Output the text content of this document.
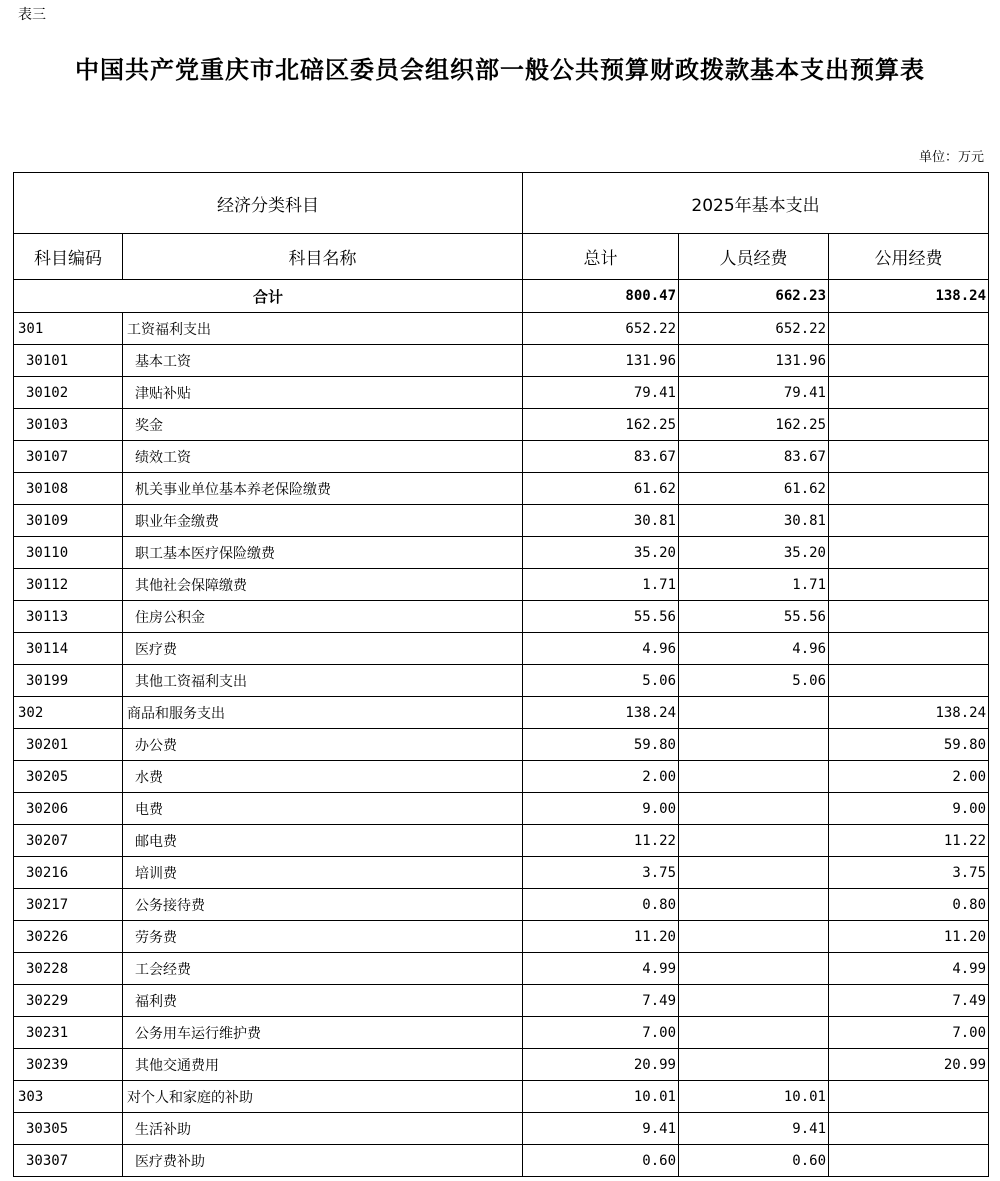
表三
中国共产党重庆市北碚区委员会组织部一般公共预算财政拨款基本支出预算表
单位：万元
经济分类科目		2025年基本支出		
科目编码	科目名称	总计	人员经费	公用经费
合计		800.47	662.23	138.24
301	工资福利支出	652.22	652.22	
30101	基本工资	131.96	131.96	
30102	津贴补贴	79.41	79.41	
30103	奖金	162.25	162.25	
30107	绩效工资	83.67	83.67	
30108	机关事业单位基本养老保险缴费	61.62	61.62	
30109	职业年金缴费	30.81	30.81	
30110	职工基本医疗保险缴费	35.20	35.20	
30112	其他社会保障缴费	1.71	1.71	
30113	住房公积金	55.56	55.56	
30114	医疗费	4.96	4.96	
30199	其他工资福利支出	5.06	5.06	
302	商品和服务支出	138.24		138.24
30201	办公费	59.80		59.80
30205	水费	2.00		2.00
30206	电费	9.00		9.00
30207	邮电费	11.22		11.22
30216	培训费	3.75		3.75
30217	公务接待费	0.80		0.80
30226	劳务费	11.20		11.20
30228	工会经费	4.99		4.99
30229	福利费	7.49		7.49
30231	公务用车运行维护费	7.00		7.00
30239	其他交通费用	20.99		20.99
303	对个人和家庭的补助	10.01	10.01	
30305	生活补助	9.41	9.41	
30307	医疗费补助	0.60	0.60	
